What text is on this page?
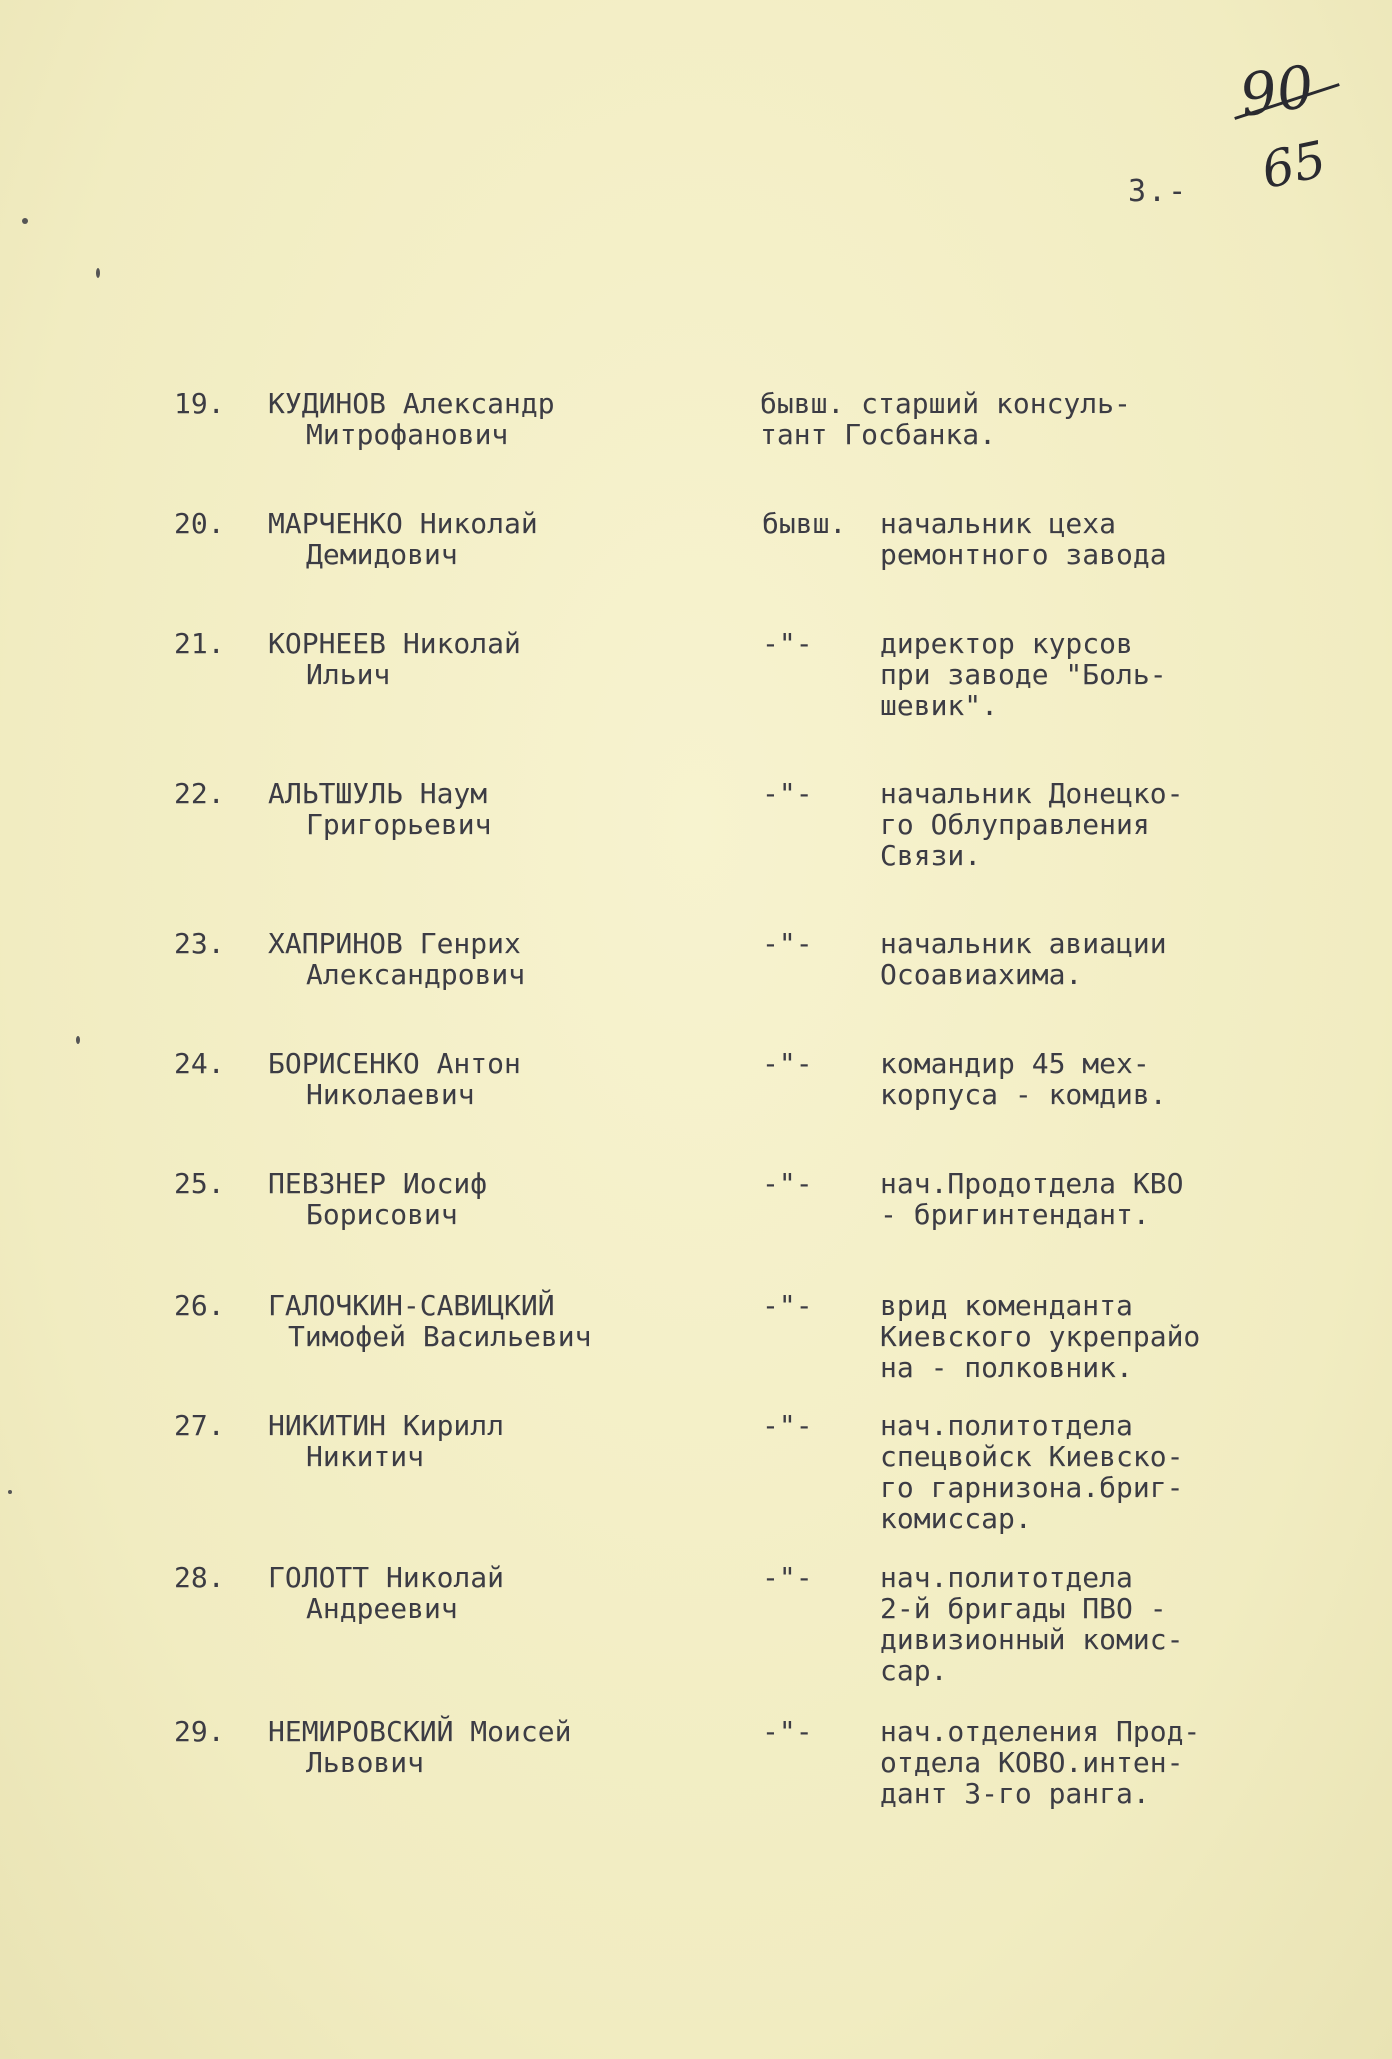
90
65
3.-
19.	КУДИНОВ Александр
Митрофанович
бывш. старший консуль-
тант Госбанка.
20.	МАРЧЕНКО Николай
Демидович
бывш. начальник цеха
ремонтного завода
21.	КОРНЕЕВ Николай
Ильич
-"- директор курсов
при заводе "Боль-
шевик".
22.	АЛЬТШУЛЬ Наум
Григорьевич
-"- начальник Донецко-
го Облуправления
Связи.
23.	ХАПРИНОВ Генрих
Александрович
-"- начальник авиации
Осоавиахима.
24.	БОРИСЕНКО Антон
Николаевич
-"- командир 45 мех-
корпуса - комдив.
25.	ПЕВЗНЕР Иосиф
Борисович
-"- нач.Продотдела КВО
- бригинтендант.
26.	ГАЛОЧКИН-САВИЦКИЙ
Тимофей Васильевич
-"- врид коменданта
Киевского укрепрайо
на - полковник.
27.	НИКИТИН Кирилл
Никитич
-"- нач.политотдела
спецвойск Киевско-
го гарнизона.бриг-
комиссар.
28.	ГОЛОТТ Николай
Андреевич
-"- нач.политотдела
2-й бригады ПВО -
дивизионный комис-
сар.
29.	НЕМИРОВСКИЙ Моисей
Львович
-"- нач.отделения Прод-
отдела КОВО.интен-
дант 3-го ранга.
